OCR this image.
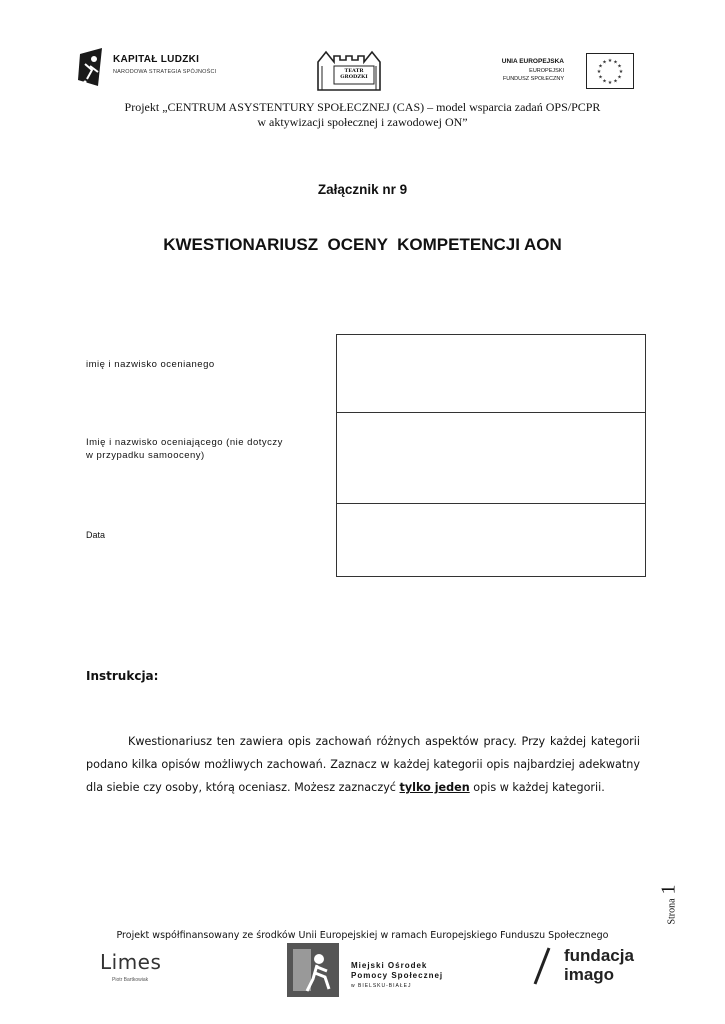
KAPITAŁ LUDZKI
NARODOWA STRATEGIA SPÓJNOŚCI	TEATR
GRODZKI
UNIA EUROPEJSKA
EUROPEJSKI
FUNDUSZ SPOŁECZNY
★ ★
★
★
★
★
★
★
★
★
★
★
Projekt „CENTRUM ASYSTENTURY SPOŁECZNEJ (CAS) – model wsparcia zadań OPS/PCPR
w aktywizacji społecznej i zawodowej ON”
Załącznik nr 9
KWESTIONARIUSZ  OCENY  KOMPETENCJI AON
imię i nazwisko ocenianego
Imię i nazwisko oceniającego (nie dotyczy
w przypadku samooceny)
Data
Instrukcja:
Kwestionariusz ten zawiera opis zachowań różnych aspektów pracy. Przy każdej kategorii podano kilka opisów możliwych zachowań. Zaznacz w każdej kategorii opis najbardziej adekwatny dla siebie czy osoby, którą oceniasz. Możesz zaznaczyć tylko jeden opis w każdej kategorii.
Strona 1
Projekt współfinansowany ze środków Unii Europejskiej w ramach Europejskiego Funduszu Społecznego
Limes
Piotr Bartkowiak
Miejski Ośrodek
Pomocy Społecznej
w BIELSKU-BIAŁEJ
fundacja
imago
